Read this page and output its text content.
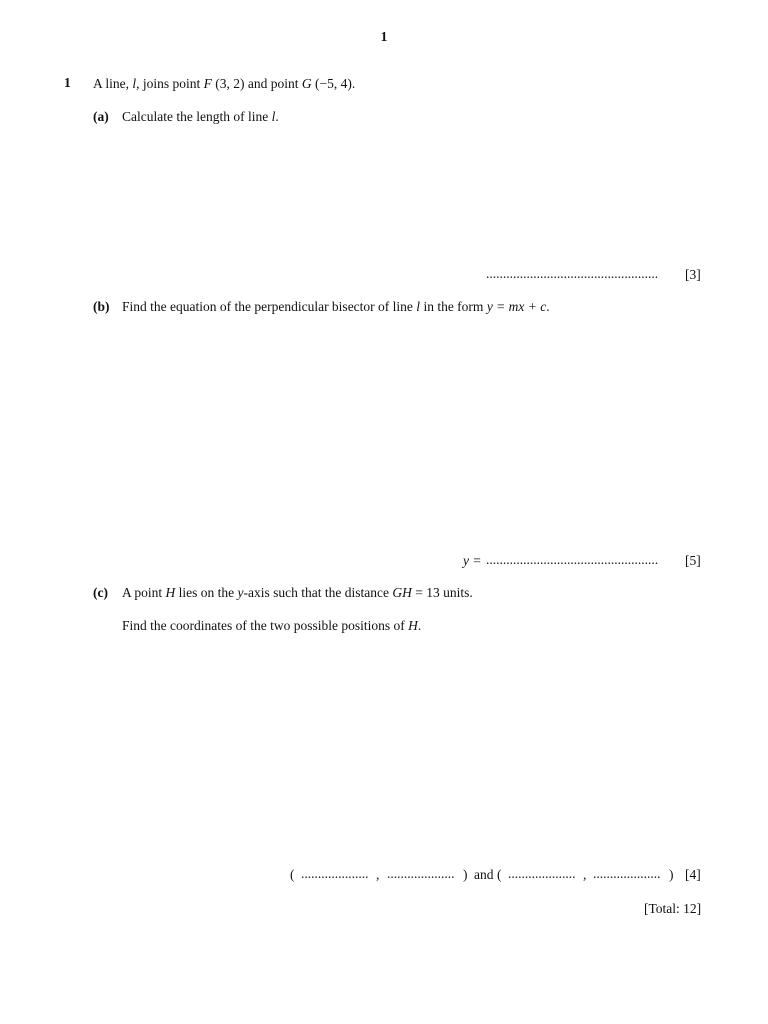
1
1 A line, l, joins point F (3, 2) and point G (−5, 4).
(a) Calculate the length of line l.
................................................... [3]
(b) Find the equation of the perpendicular bisector of line l in the form y = mx + c.
y = ................................................... [5]
(c) A point H lies on the y-axis such that the distance GH = 13 units.
Find the coordinates of the two possible positions of H.
( .................... , .................... ) and ( .................... , .................... ) [4]
[Total: 12]
